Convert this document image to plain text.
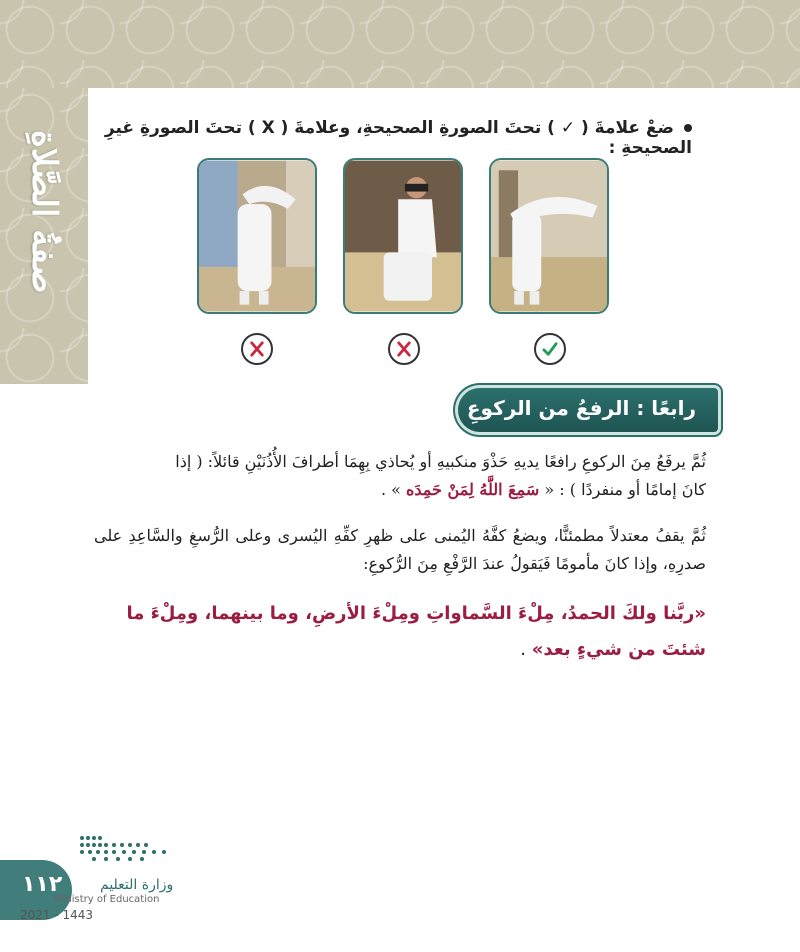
صفةُ الصَّلاةِ
ضعْ علامةَ ( ✓ ) تحتَ الصورةِ الصحيحةِ، وعلامةَ ( X ) تحتَ الصورةِ غيرِ الصحيحةِ :
رابعًا : الرفعُ من الركوعِ

ثُمَّ يرفَعُ مِنَ الركوعِ رافعًا يديهِ حَذْوَ منكبيهِ أو يُحاذي بِهِمَا أطرافَ الأُذُنَيْنِ قائلاً: ( إذا
كانَ إمامًا أو منفردًا ) : « سَمِعَ اللَّهُ لِمَنْ حَمِدَه » .

ثُمَّ يقفُ معتدلاً مطمئنًّا، ويضعُ كفَّهُ اليُمنى على ظهرِ كفِّهِ اليُسرى وعلى الرُّسغِ والسَّاعِدِ على صدرِهِ، وإذا كانَ مأمومًا فَيَقولُ عندَ الرَّفْعِ مِنَ الرُّكوعِ:

«ربَّنا ولكَ الحمدُ، مِلْءَ السَّماواتِ ومِلْءَ الأرضِ، وما بينهما، ومِلْءَ ما شئتَ من شيءٍ بعد» .

١١٢	وزارة التعليم
Ministry of Education
2021 - 1443
